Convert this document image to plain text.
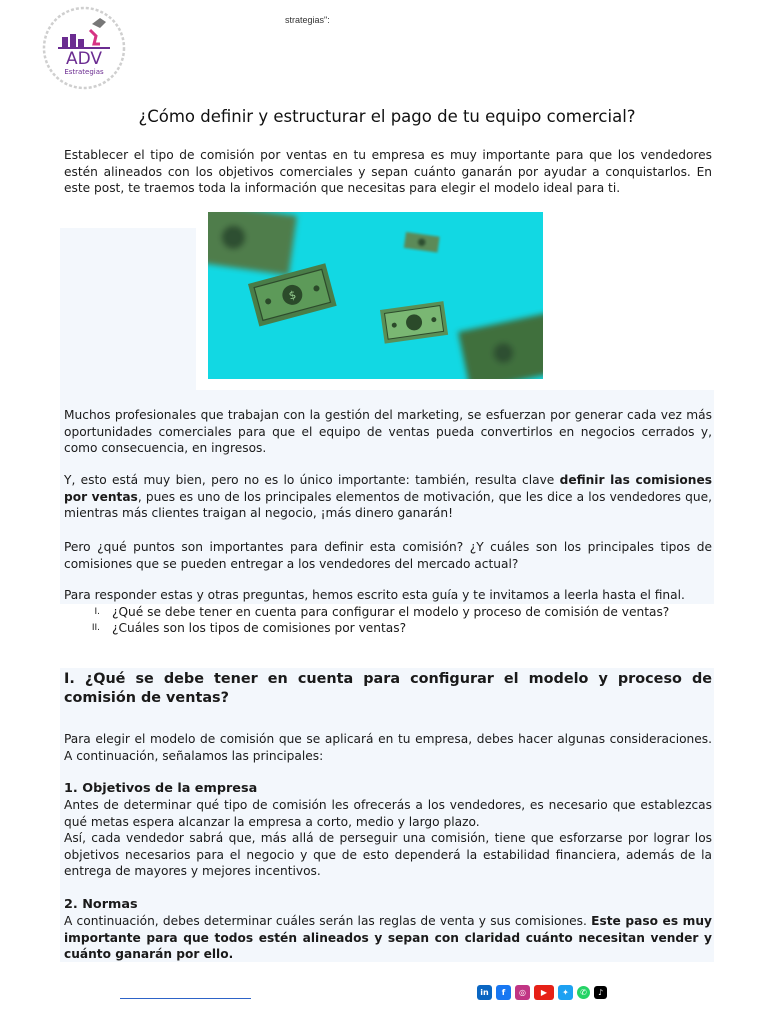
ADV
Estrategias
strategias":
¿Cómo definir y estructurar el pago de tu equipo comercial?

Establecer el tipo de comisión por ventas en tu empresa es muy importante para que los vendedores estén alineados con los objetivos comerciales y sepan cuánto ganarán por ayudar a conquistarlos. En este post, te traemos toda la información que necesitas para elegir el modelo ideal para ti.

$

Muchos profesionales que trabajan con la gestión del marketing, se esfuerzan por generar cada vez más oportunidades comerciales para que el equipo de ventas pueda convertirlos en negocios cerrados y, como consecuencia, en ingresos.

Y, esto está muy bien, pero no es lo único importante: también, resulta clave definir las comisiones por ventas, pues es uno de los principales elementos de motivación, que les dice a los vendedores que, mientras más clientes traigan al negocio, ¡más dinero ganarán!

Pero ¿qué puntos son importantes para definir esta comisión? ¿Y cuáles son los principales tipos de comisiones que se pueden entregar a los vendedores del mercado actual?

Para responder estas y otras preguntas, hemos escrito esta guía y te invitamos a leerla hasta el final.

I. ¿Qué se debe tener en cuenta para configurar el modelo y proceso de comisión de ventas?
II. ¿Cuáles son los tipos de comisiones por ventas?
I. ¿Qué se debe tener en cuenta para configurar el modelo y proceso de comisión de ventas?

Para elegir el modelo de comisión que se aplicará en tu empresa, debes hacer algunas consideraciones. A continuación, señalamos las principales:

1. Objetivos de la empresa

Antes de determinar qué tipo de comisión les ofrecerás a los vendedores, es necesario que establezcas qué metas espera alcanzar la empresa a corto, medio y largo plazo.

Así, cada vendedor sabrá que, más allá de perseguir una comisión, tiene que esforzarse por lograr los objetivos necesarios para el negocio y que de esto dependerá la estabilidad financiera, además de la entrega de mayores y mejores incentivos.

2. Normas

A continuación, debes determinar cuáles serán las reglas de venta y sus comisiones. Este paso es muy importante para que todos estén alineados y sepan con claridad cuánto necesitan vender y cuánto ganarán por ello.

in	f	◎	▶	✦	✆	♪
